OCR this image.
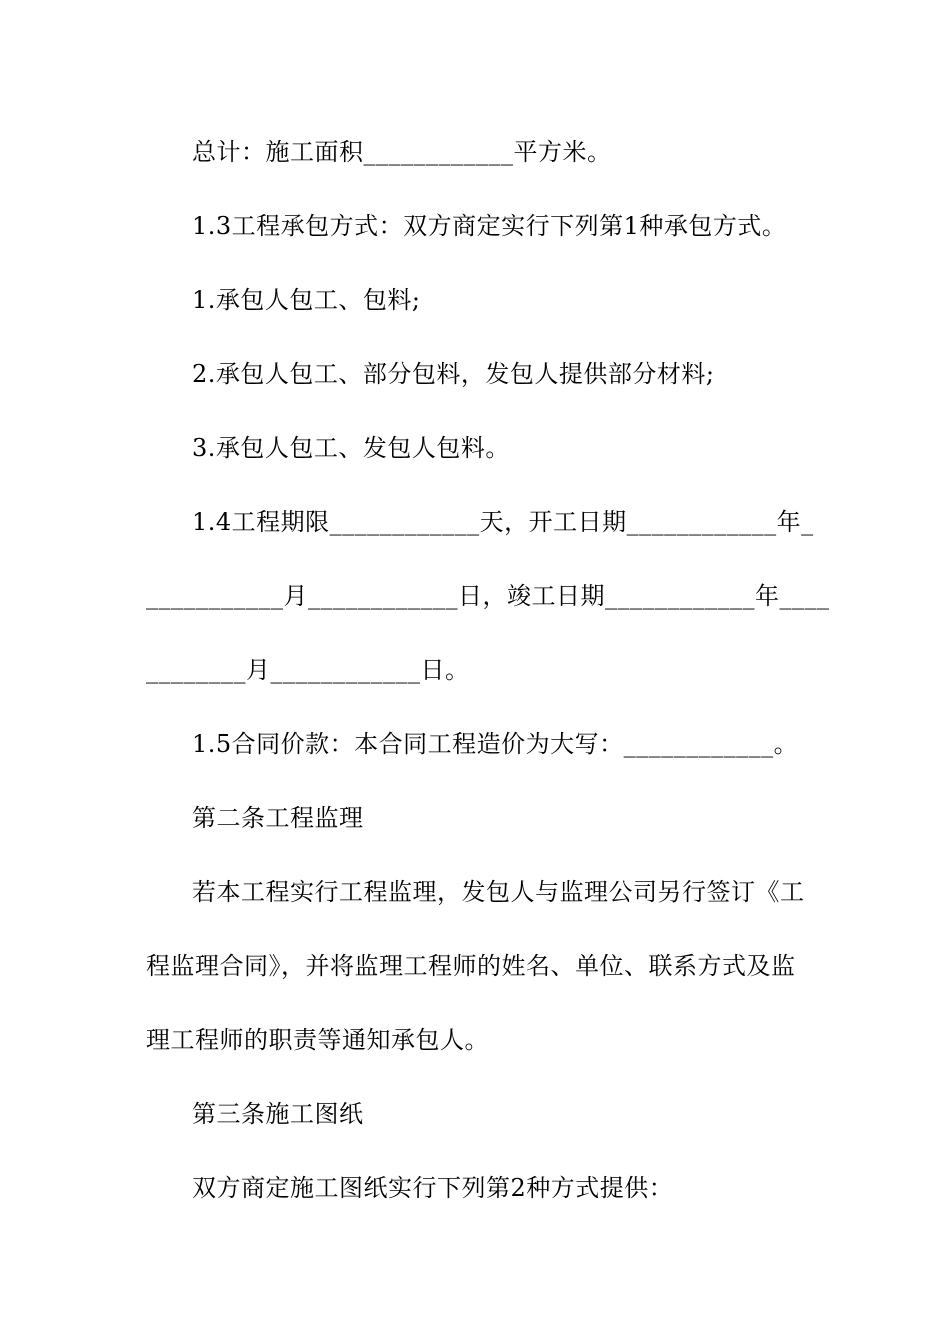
总计：施工面积____________平方米。
1.3工程承包方式：双方商定实行下列第1种承包方式。
1.承包人包工、包料;
2.承包人包工、部分包料，发包人提供部分材料;
3.承包人包工、发包人包料。
1.4工程期限____________天，开工日期____________年_
___________月____________日，竣工日期____________年____
________月____________日。
1.5合同价款：本合同工程造价为大写：____________。
第二条工程监理
若本工程实行工程监理，发包人与监理公司另行签订《工
程监理合同》，并将监理工程师的姓名、单位、联系方式及监
理工程师的职责等通知承包人。
第三条施工图纸
双方商定施工图纸实行下列第2种方式提供：
